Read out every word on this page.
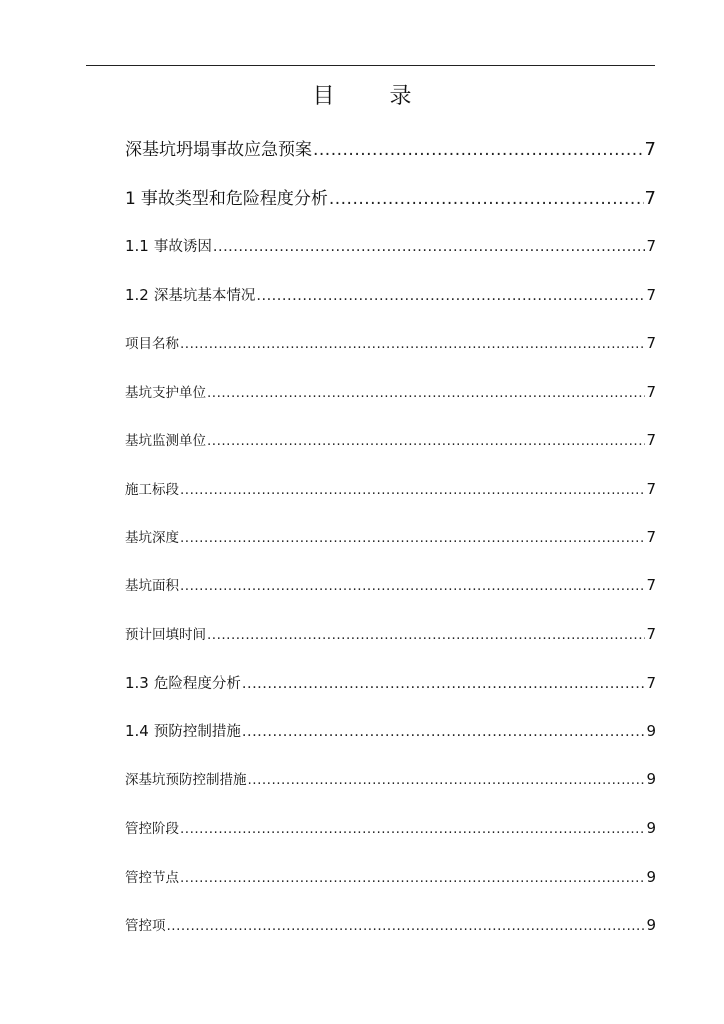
目 录
深基坑坍塌事故应急预案 .....	7
1 事故类型和危险程度分析 .....	7
1.1 事故诱因 .....	7
1.2 深基坑基本情况 .....	7
项目名称 .....	7
基坑支护单位 .....	7
基坑监测单位 .....	7
施工标段 .....	7
基坑深度 .....	7
基坑面积 .....	7
预计回填时间 .....	7
1.3 危险程度分析 .....	7
1.4 预防控制措施 .....	9
深基坑预防控制措施 .....	9
管控阶段 .....	9
管控节点 .....	9
管控项 .....	9
